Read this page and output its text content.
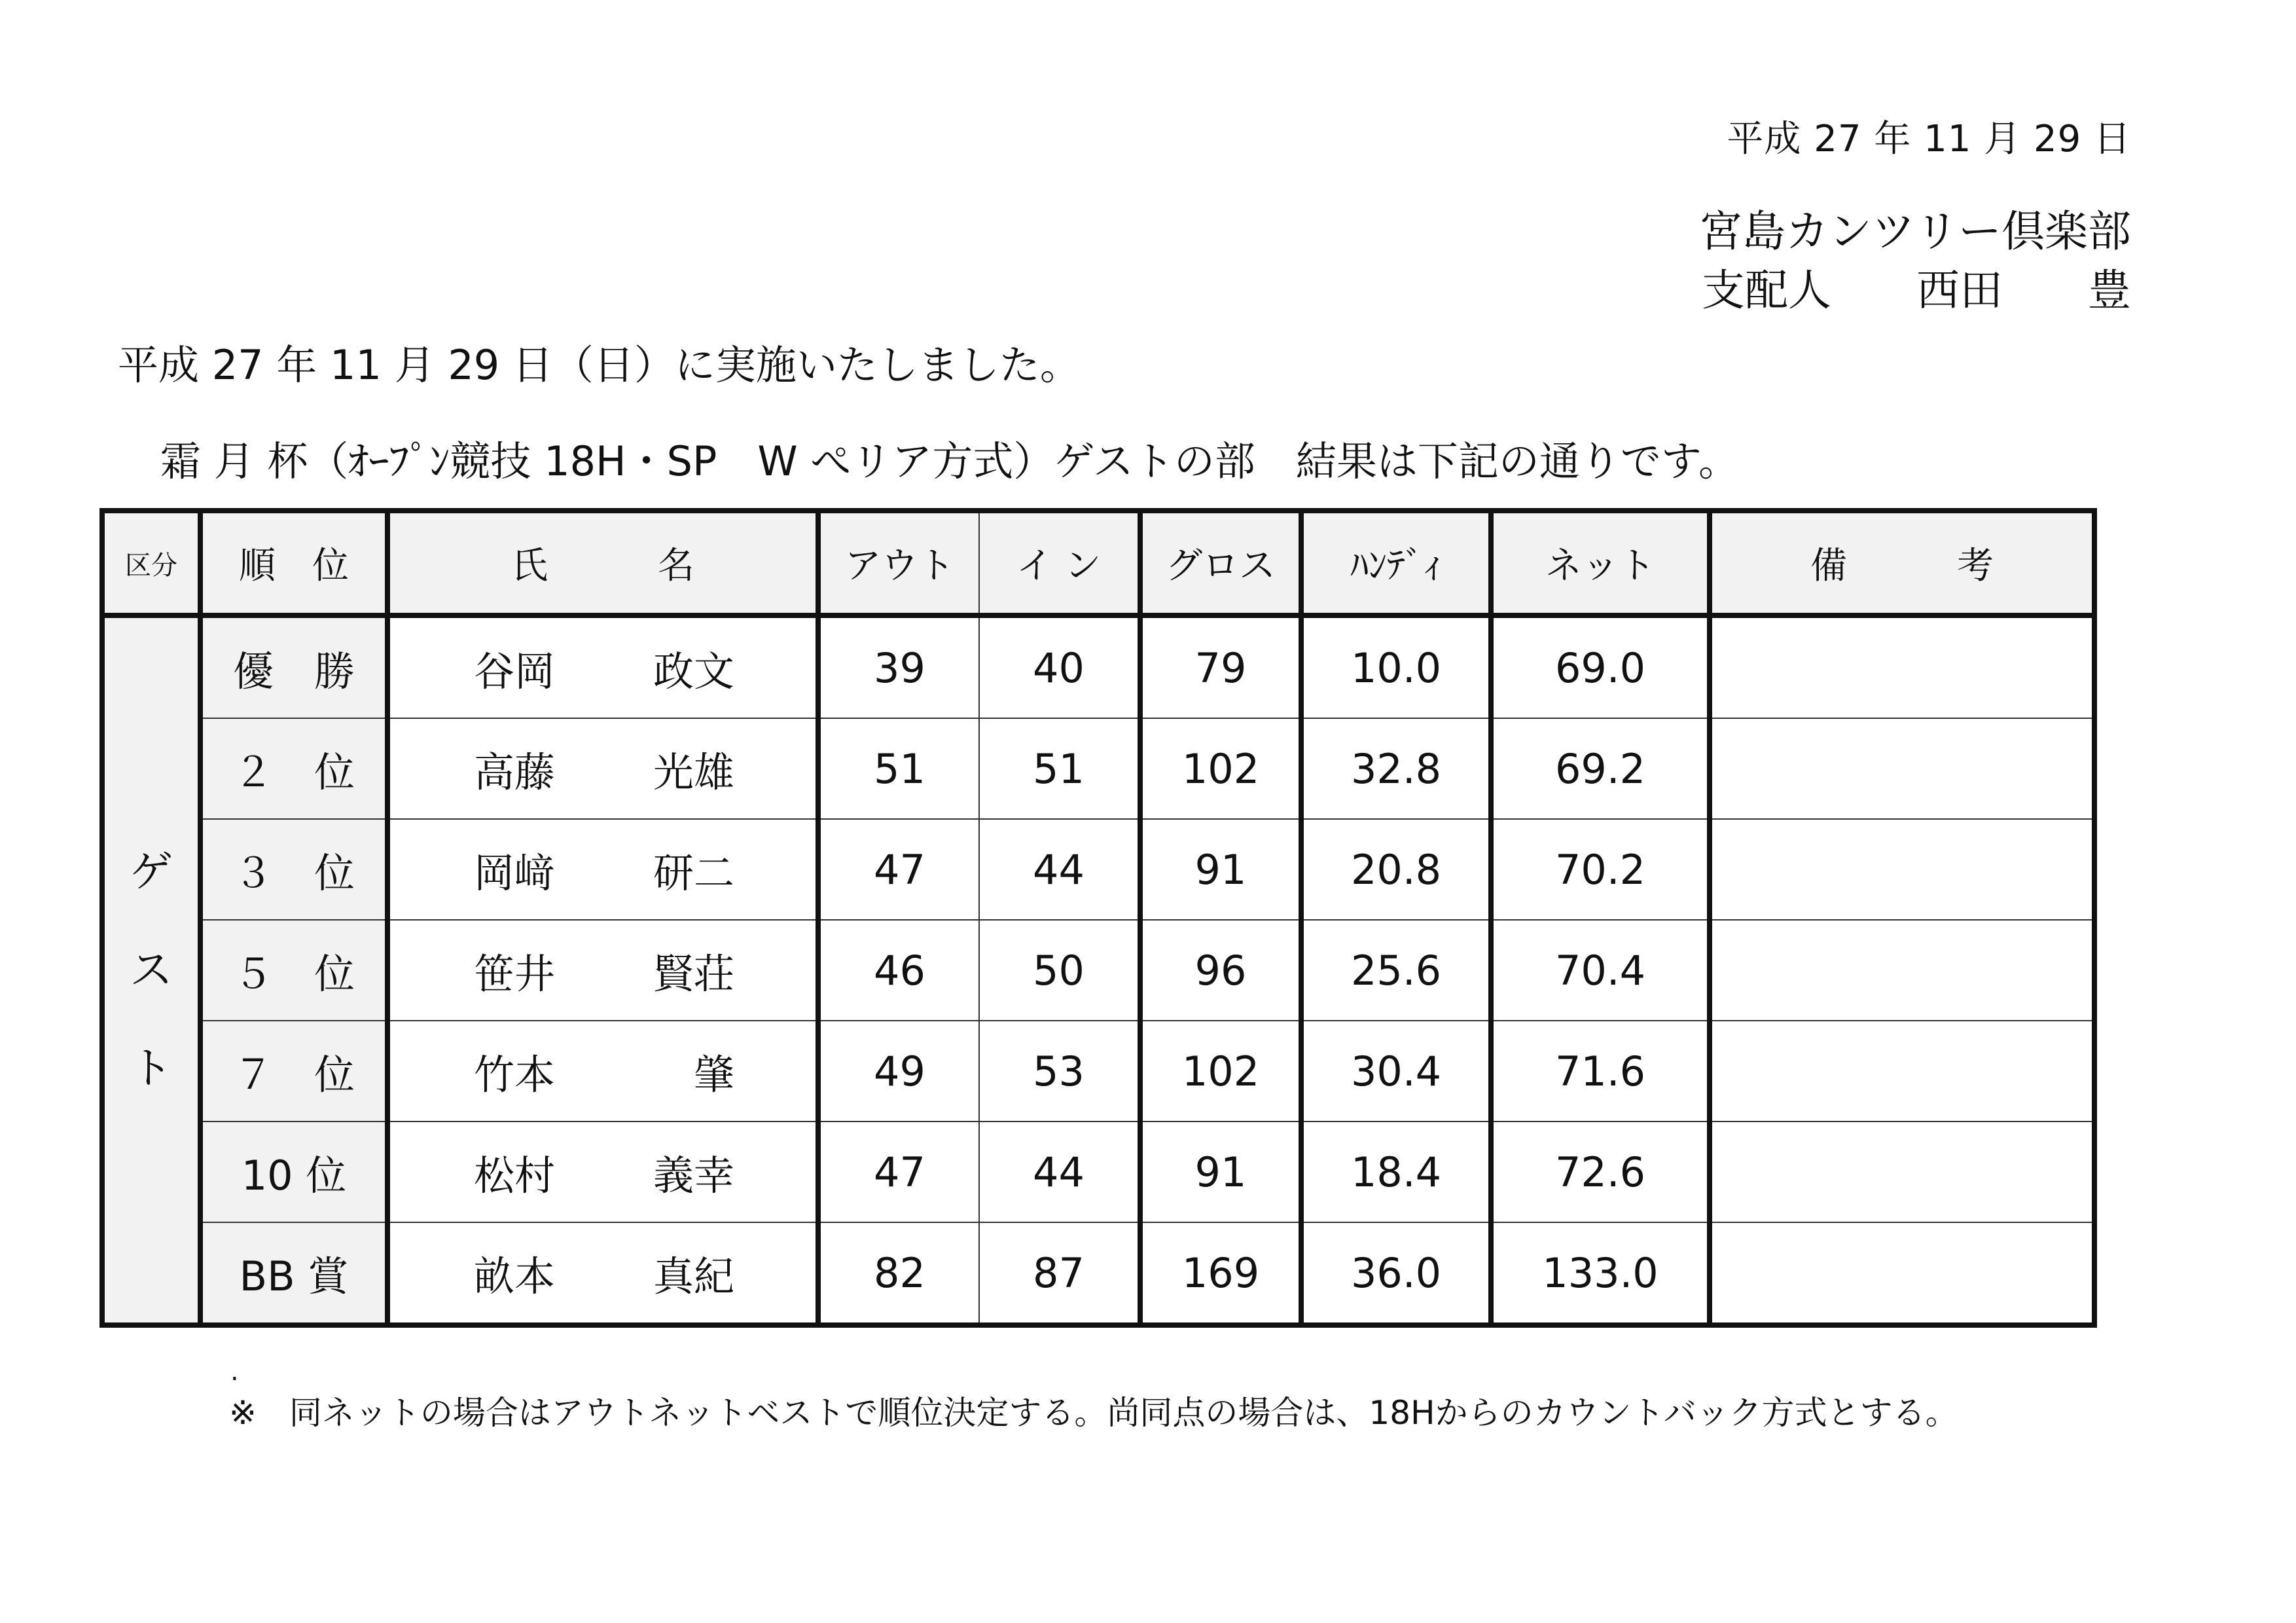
平成 27 年 11 月 29 日
宮島カンツリー倶楽部
支配人 西田 豊
平成 27 年 11 月 29 日（日）に実施いたしました。
霜 月 杯（ｵｰﾌﾟﾝ競技 18H・SP　W ぺリア方式）ゲストの部　結果は下記の通りです。
区分	順　位	氏　　　名	アウト	イ ン	グロス	ﾊﾝﾃﾞｨ	ネット	備　　　考

ゲ
ス
ト	優　勝	谷岡 政文	39	40	79	10.0	69.0	
	２　位	高藤 光雄	51	51	102	32.8	69.2	
	３　位	岡﨑 研二	47	44	91	20.8	70.2	
	５　位	笹井 賢荘	46	50	96	25.6	70.4	
	７　位	竹本 肇	49	53	102	30.4	71.6	
	10 位	松村 義幸	47	44	91	18.4	72.6	
	BB 賞	畝本 真紀	82	87	169	36.0	133.0	
.
※　同ネットの場合はアウトネットベストで順位決定する。尚同点の場合は、18Hからのカウントバック方式とする。
